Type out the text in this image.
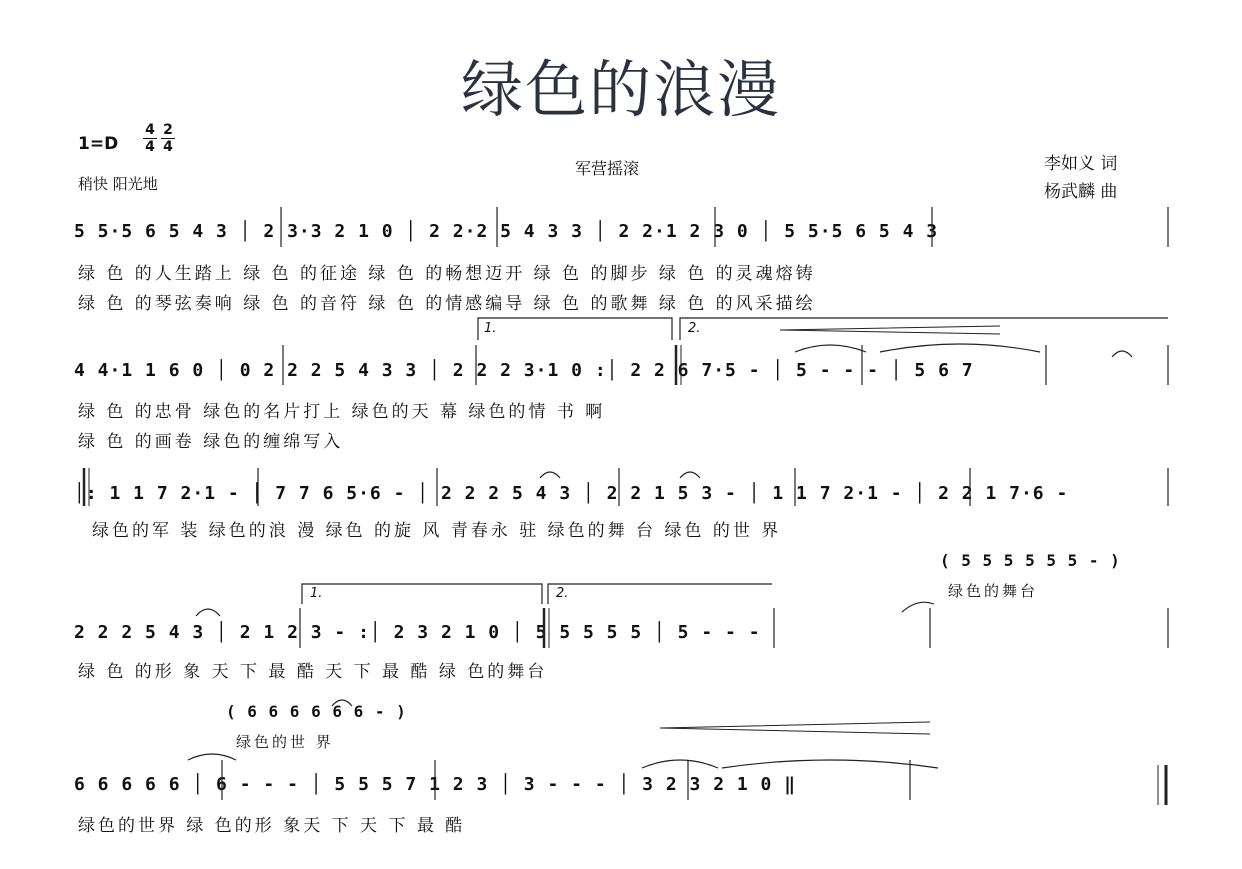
绿色的浪漫
$1=D \frac{4}{4} \frac{2}{4}$
稍快 阳光地
军营摇滚	李如义 词
杨武麟 曲
5 5·5 6 5 4 3 │ 2 3·3 2 1 0 │ 2 2·2 5 4 3 3 │ 2 2·1 2 3 0 │ 5 5·5 6 5 4 3
绿 色 的人生踏上 绿 色 的征途 绿 色 的畅想迈开 绿 色 的脚步 绿 色 的灵魂熔铸
绿 色 的琴弦奏响 绿 色 的音符 绿 色 的情感编导 绿 色 的歌舞 绿 色 的风采描绘
1.	2.
4 4·1 1 6 0 │ 0 2 2 2 5 4 3 3 │ 2 2 2 3·1 0 :│ 2 2 6 7·5 - │ 5 - - - │ 5 6 7
绿 色 的忠骨 绿色的名片打上 绿色的天 幕 绿色的情 书 啊
绿 色 的画卷 绿色的缠绵写入
│: 1 1 7 2·1 - │ 7 7 6 5·6 - │ 2 2 2 5 4 3 │ 2 2 1 5 3 - │ 1 1 7 2·1 - │ 2 2 1 7·6 -
绿色的军 装 绿色的浪 漫 绿色 的旋 风 青春永 驻 绿色的舞 台 绿色 的世 界
( 5 5 5 5 5 5 - )
绿色的舞台
1.	2.
2 2 2 5 4 3 │ 2 1 2 3 - :│ 2 3 2 1 0 │ 5 5 5 5 5 │ 5 - - -
绿 色 的形 象 天 下 最 酷 天 下 最 酷 绿 色的舞台
( 6 6 6 6 6 6 - )
绿色的世 界
6 6 6 6 6 │ 6 - - - │ 5 5 5 7 1 2 3 │ 3 - - - │ 3 2 3 2 1 0 ‖
绿色的世界 绿 色的形 象天 下 天 下 最 酷
